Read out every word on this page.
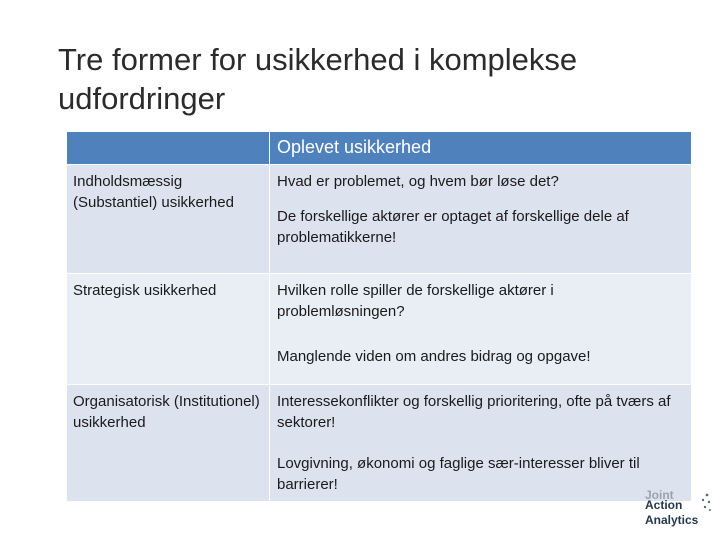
Tre former for usikkerhed i komplekse
udfordringer

	Oplevet usikkerhed

Indholdsmæssig (Substantiel) usikkerhed	Hvad er problemet, og hvem bør løse det?
De forskellige aktører er optaget af forskellige dele af problematikkerne!

Strategisk usikkerhed	Hvilken rolle spiller de forskellige aktører i problemløsningen?
Manglende viden om andres bidrag og opgave!

Organisatorisk (Institutionel) usikkerhed	Interessekonflikter og forskellig prioritering, ofte på tværs af sektorer!
Lovgivning, økonomi og faglige sær-interesser bliver til barrierer!
Joint
Action
Analytics
